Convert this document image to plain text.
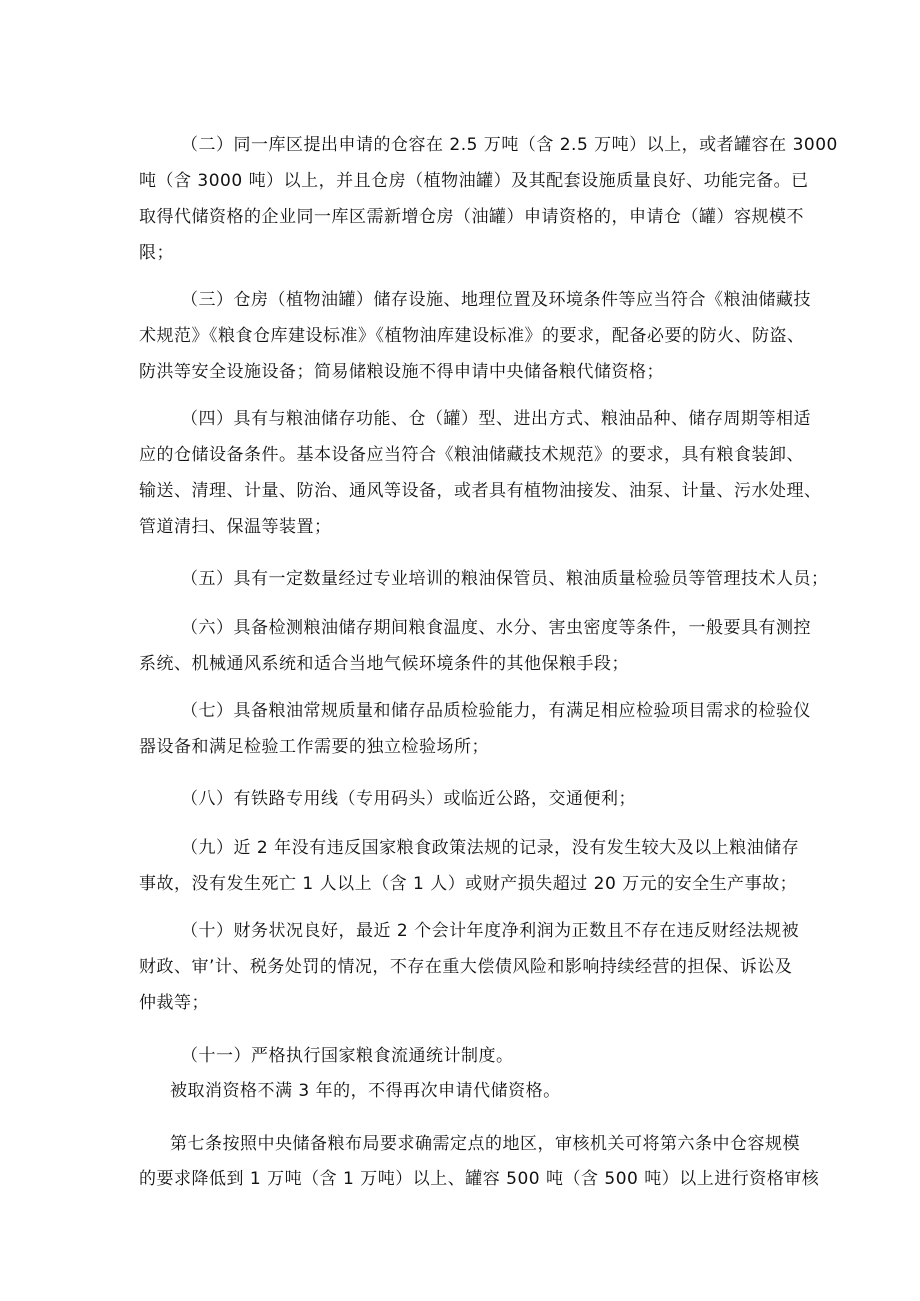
（二）同一库区提出申请的仓容在 2.5 万吨（含 2.5 万吨）以上，或者罐容在 3000
吨（含 3000 吨）以上，并且仓房（植物油罐）及其配套设施质量良好、功能完备。已
取得代储资格的企业同一库区需新增仓房（油罐）申请资格的，申请仓（罐）容规模不
限；
（三）仓房（植物油罐）储存设施、地理位置及环境条件等应当符合《粮油储藏技
术规范》《粮食仓库建设标准》《植物油库建设标准》的要求，配备必要的防火、防盗、
防洪等安全设施设备；简易储粮设施不得申请中央储备粮代储资格；
（四）具有与粮油储存功能、仓（罐）型、进出方式、粮油品种、储存周期等相适
应的仓储设备条件。基本设备应当符合《粮油储藏技术规范》的要求，具有粮食装卸、
输送、清理、计量、防治、通风等设备，或者具有植物油接发、油泵、计量、污水处理、
管道清扫、保温等装置；
（五）具有一定数量经过专业培训的粮油保管员、粮油质量检验员等管理技术人员；
（六）具备检测粮油储存期间粮食温度、水分、害虫密度等条件，一般要具有测控
系统、机械通风系统和适合当地气候环境条件的其他保粮手段；
（七）具备粮油常规质量和储存品质检验能力，有满足相应检验项目需求的检验仪
器设备和满足检验工作需要的独立检验场所；
（八）有铁路专用线（专用码头）或临近公路，交通便利；
（九）近 2 年没有违反国家粮食政策法规的记录，没有发生较大及以上粮油储存
事故，没有发生死亡 1 人以上（含 1 人）或财产损失超过 20 万元的安全生产事故；
（十）财务状况良好，最近 2 个会计年度净利润为正数且不存在违反财经法规被
财政、审’计、税务处罚的情况，不存在重大偿债风险和影响持续经营的担保、诉讼及
仲裁等；
（十一）严格执行国家粮食流通统计制度。
被取消资格不满 3 年的，不得再次申请代储资格。
第七条按照中央储备粮布局要求确需定点的地区，审核机关可将第六条中仓容规模
的要求降低到 1 万吨（含 1 万吨）以上、罐容 500 吨（含 500 吨）以上进行资格审核
